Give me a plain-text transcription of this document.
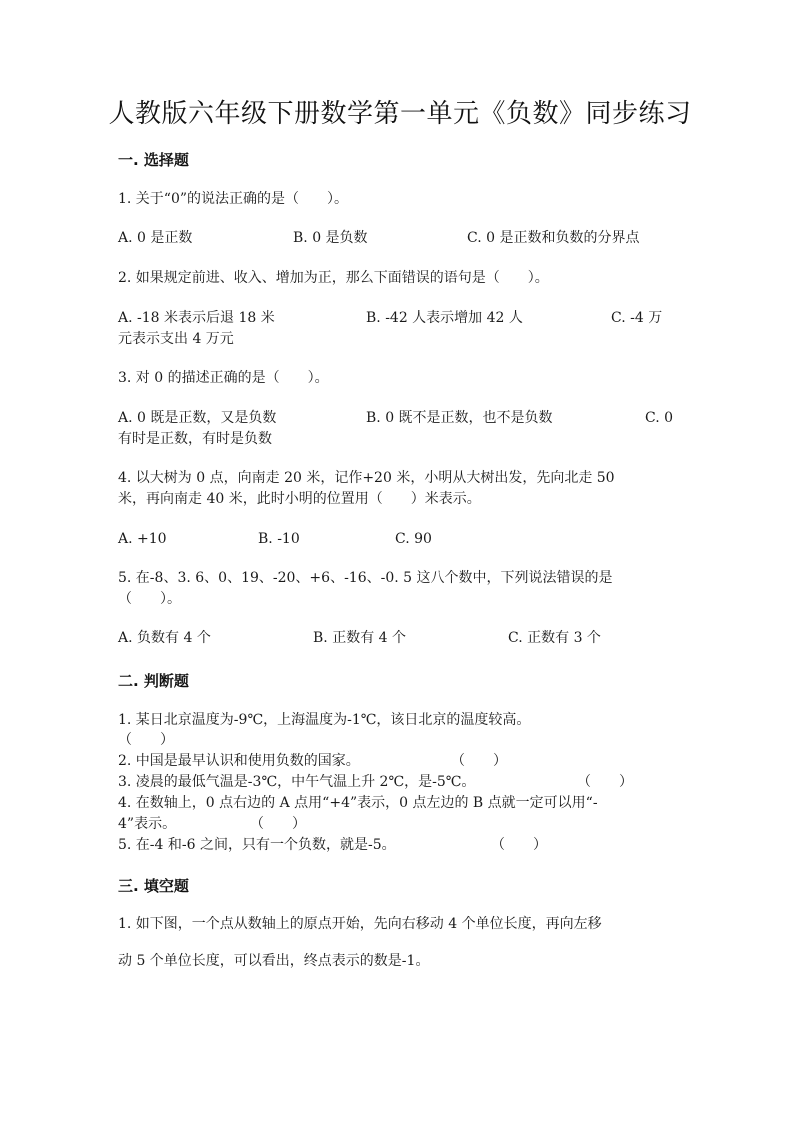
人教版六年级下册数学第一单元《负数》同步练习
一. 选择题
1. 关于“0”的说法正确的是（　　）。
A. 0 是正数	B. 0 是负数	C. 0 是正数和负数的分界点
2. 如果规定前进、收入、增加为正，那么下面错误的语句是（　　）。
A. -18 米表示后退 18 米	B. -42 人表示增加 42 人	C. -4 万
元表示支出 4 万元
3. 对 0 的描述正确的是（　　）。
A. 0 既是正数，又是负数	B. 0 既不是正数，也不是负数	C. 0
有时是正数，有时是负数
4. 以大树为 0 点，向南走 20 米，记作+20 米，小明从大树出发，先向北走 50
米，再向南走 40 米，此时小明的位置用（　　）米表示。
A. +10	B. -10	C. 90
5. 在-8、3. 6、0、19、-20、+6、-16、-0. 5 这八个数中，下列说法错误的是
（　　）。
A. 负数有 4 个	B. 正数有 4 个	C. 正数有 3 个
二. 判断题
1. 某日北京温度为-9℃，上海温度为-1℃，该日北京的温度较高。
（　　）
2. 中国是最早认识和使用负数的国家。	（　　）
3. 凌晨的最低气温是-3℃，中午气温上升 2℃，是-5℃。	（　　）
4. 在数轴上，0 点右边的 A 点用“+4”表示，0 点左边的 B 点就一定可以用“-
4”表示。	（　　）
5. 在-4 和-6 之间，只有一个负数，就是-5。	（　　）
三. 填空题
1. 如下图，一个点从数轴上的原点开始，先向右移动 4 个单位长度，再向左移
动 5 个单位长度，可以看出，终点表示的数是-1。
